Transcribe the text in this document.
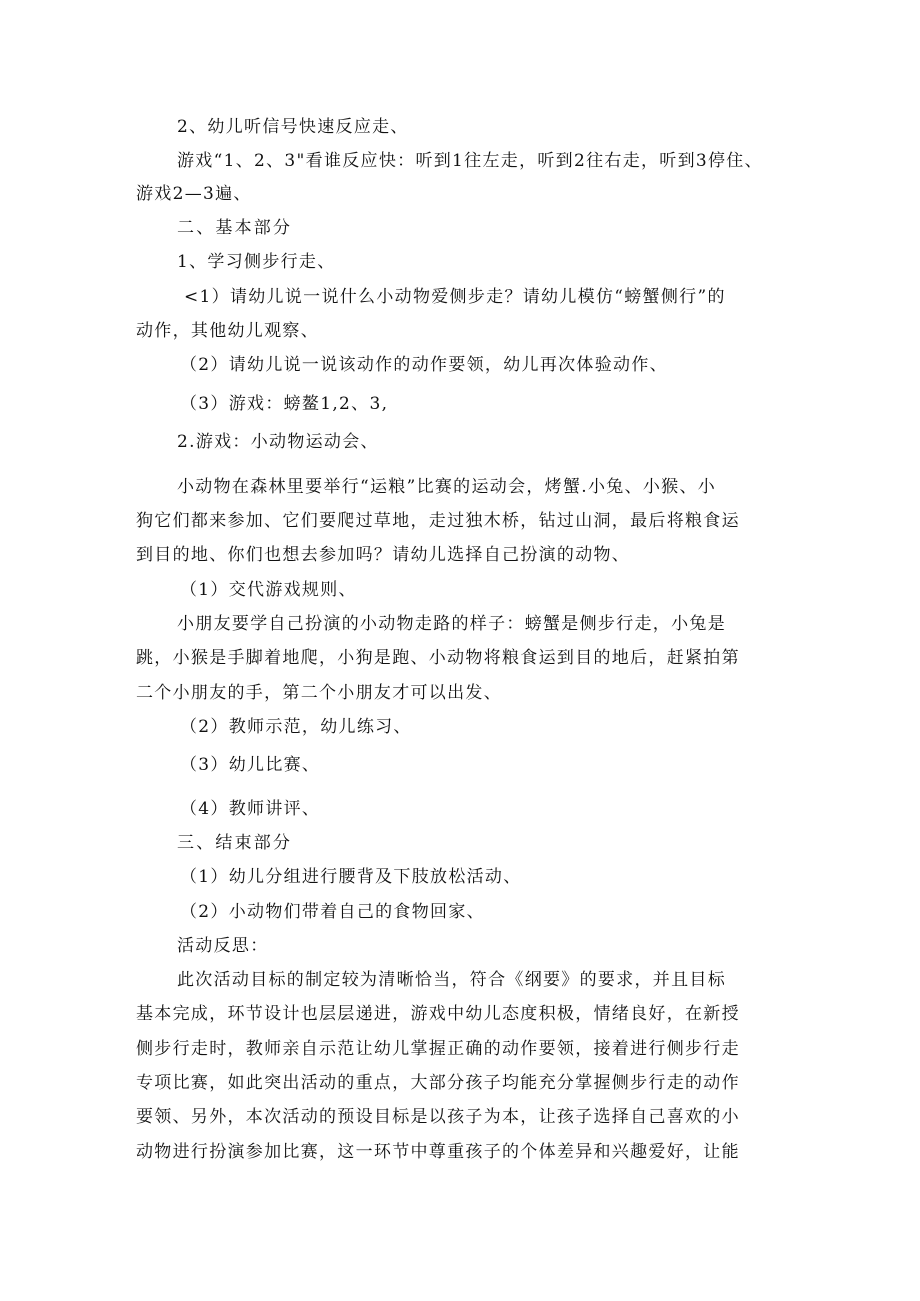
2、幼儿听信号快速反应走、
游戏“1、2、3"看谁反应快：听到1往左走，听到2往右走，听到3停住、
游戏2—3遍、
二、基本部分
1、学习侧步行走、
<1）请幼儿说一说什么小动物爱侧步走？请幼儿模仿“螃蟹侧行”的
动作，其他幼儿观察、
（2）请幼儿说一说该动作的动作要领，幼儿再次体验动作、
（3）游戏：螃鳌1,2、3,
2.游戏：小动物运动会、
小动物在森林里要举行“运粮”比赛的运动会，烤蟹.小兔、小猴、小
狗它们都来参加、它们要爬过草地，走过独木桥，钻过山洞，最后将粮食运
到目的地、你们也想去参加吗？请幼儿选择自己扮演的动物、
（1）交代游戏规则、
小朋友要学自己扮演的小动物走路的样子：螃蟹是侧步行走，小兔是
跳，小猴是手脚着地爬，小狗是跑、小动物将粮食运到目的地后，赶紧拍第
二个小朋友的手，第二个小朋友才可以出发、
（2）教师示范，幼儿练习、
（3）幼儿比赛、
（4）教师讲评、
三、结束部分
（1）幼儿分组进行腰背及下肢放松活动、
（2）小动物们带着自己的食物回家、
活动反思：
此次活动目标的制定较为清晰恰当，符合《纲要》的要求，并且目标
基本完成，环节设计也层层递进，游戏中幼儿态度积极，情绪良好，在新授
侧步行走时，教师亲自示范让幼儿掌握正确的动作要领，接着进行侧步行走
专项比赛，如此突出活动的重点，大部分孩子均能充分掌握侧步行走的动作
要领、另外，本次活动的预设目标是以孩子为本，让孩子选择自己喜欢的小
动物进行扮演参加比赛，这一环节中尊重孩子的个体差异和兴趣爱好，让能
